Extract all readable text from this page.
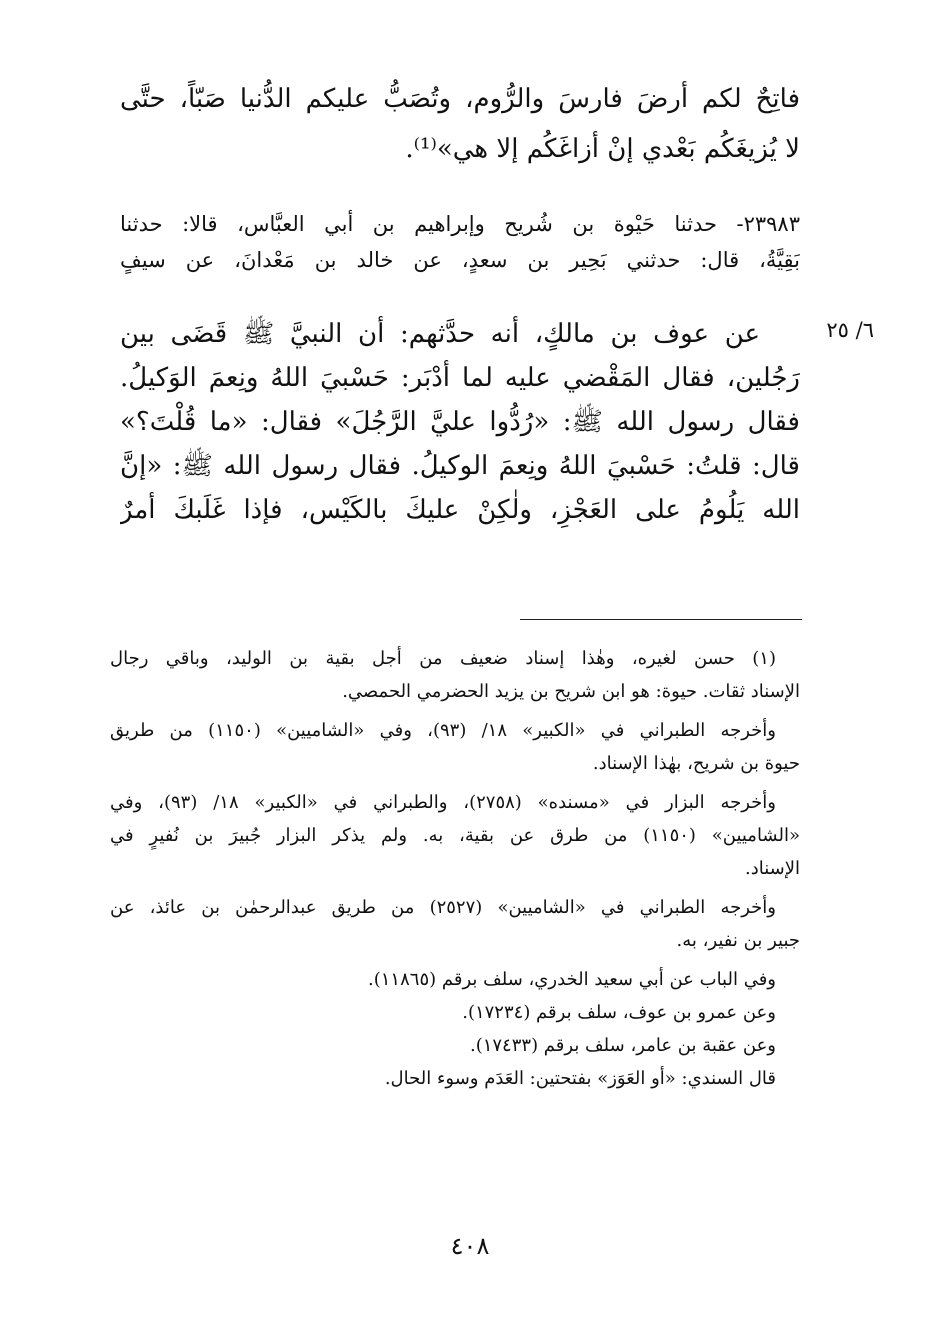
فاتِحٌ لكم أرضَ فارسَ والرُّوم، وتُصَبُّ عليكم الدُّنيا صَبّاً، حتَّى
لا يُزيغَكُم بَعْدي إنْ أزاغَكُم إلا هي»⁽¹⁾.
٢٣٩٨٣- حدثنا حَيْوة بن شُريح وإبراهيم بن أبي العبَّاس، قالا: حدثنا
بَقِيَّةُ، قال: حدثني بَحِير بن سعدٍ، عن خالد بن مَعْدانَ، عن سيفٍ
٦/ ٢٥
عن عوف بن مالكٍ، أنه حدَّثهم: أن النبيَّ ﷺ قَضَى بين
رَجُلين، فقال المَقْضي عليه لما أدْبَر: حَسْبيَ اللهُ ونِعمَ الوَكيلُ.
فقال رسول الله ﷺ: «رُدُّوا عليَّ الرَّجُلَ» فقال: «ما قُلْتَ؟»
قال: قلتُ: حَسْبيَ اللهُ ونِعمَ الوكيلُ. فقال رسول الله ﷺ: «إنَّ
الله يَلُومُ على العَجْزِ، ولٰكِنْ عليكَ بالكَيْس، فإذا غَلَبكَ أمرٌ
(١) حسن لغيره، وهٰذا إسناد ضعيف من أجل بقية بن الوليد، وباقي رجال
الإسناد ثقات. حيوة: هو ابن شريح بن يزيد الحضرمي الحمصي.
وأخرجه الطبراني في «الكبير» ١٨/ (٩٣)، وفي «الشاميين» (١١٥٠) من طريق
حيوة بن شريح، بهٰذا الإسناد.
وأخرجه البزار في «مسنده» (٢٧٥٨)، والطبراني في «الكبير» ١٨/ (٩٣)، وفي
«الشاميين» (١١٥٠) من طرق عن بقية، به. ولم يذكر البزار جُبيرَ بن نُفيرٍ في
الإسناد.
وأخرجه الطبراني في «الشاميين» (٢٥٢٧) من طريق عبدالرحمٰن بن عائذ، عن
جبير بن نفير، به.
وفي الباب عن أبي سعيد الخدري، سلف برقم (١١٨٦٥).
وعن عمرو بن عوف، سلف برقم (١٧٢٣٤).
وعن عقبة بن عامر، سلف برقم (١٧٤٣٣).
قال السندي: «أو العَوَز» بفتحتين: العَدَم وسوء الحال.
٤٠٨
